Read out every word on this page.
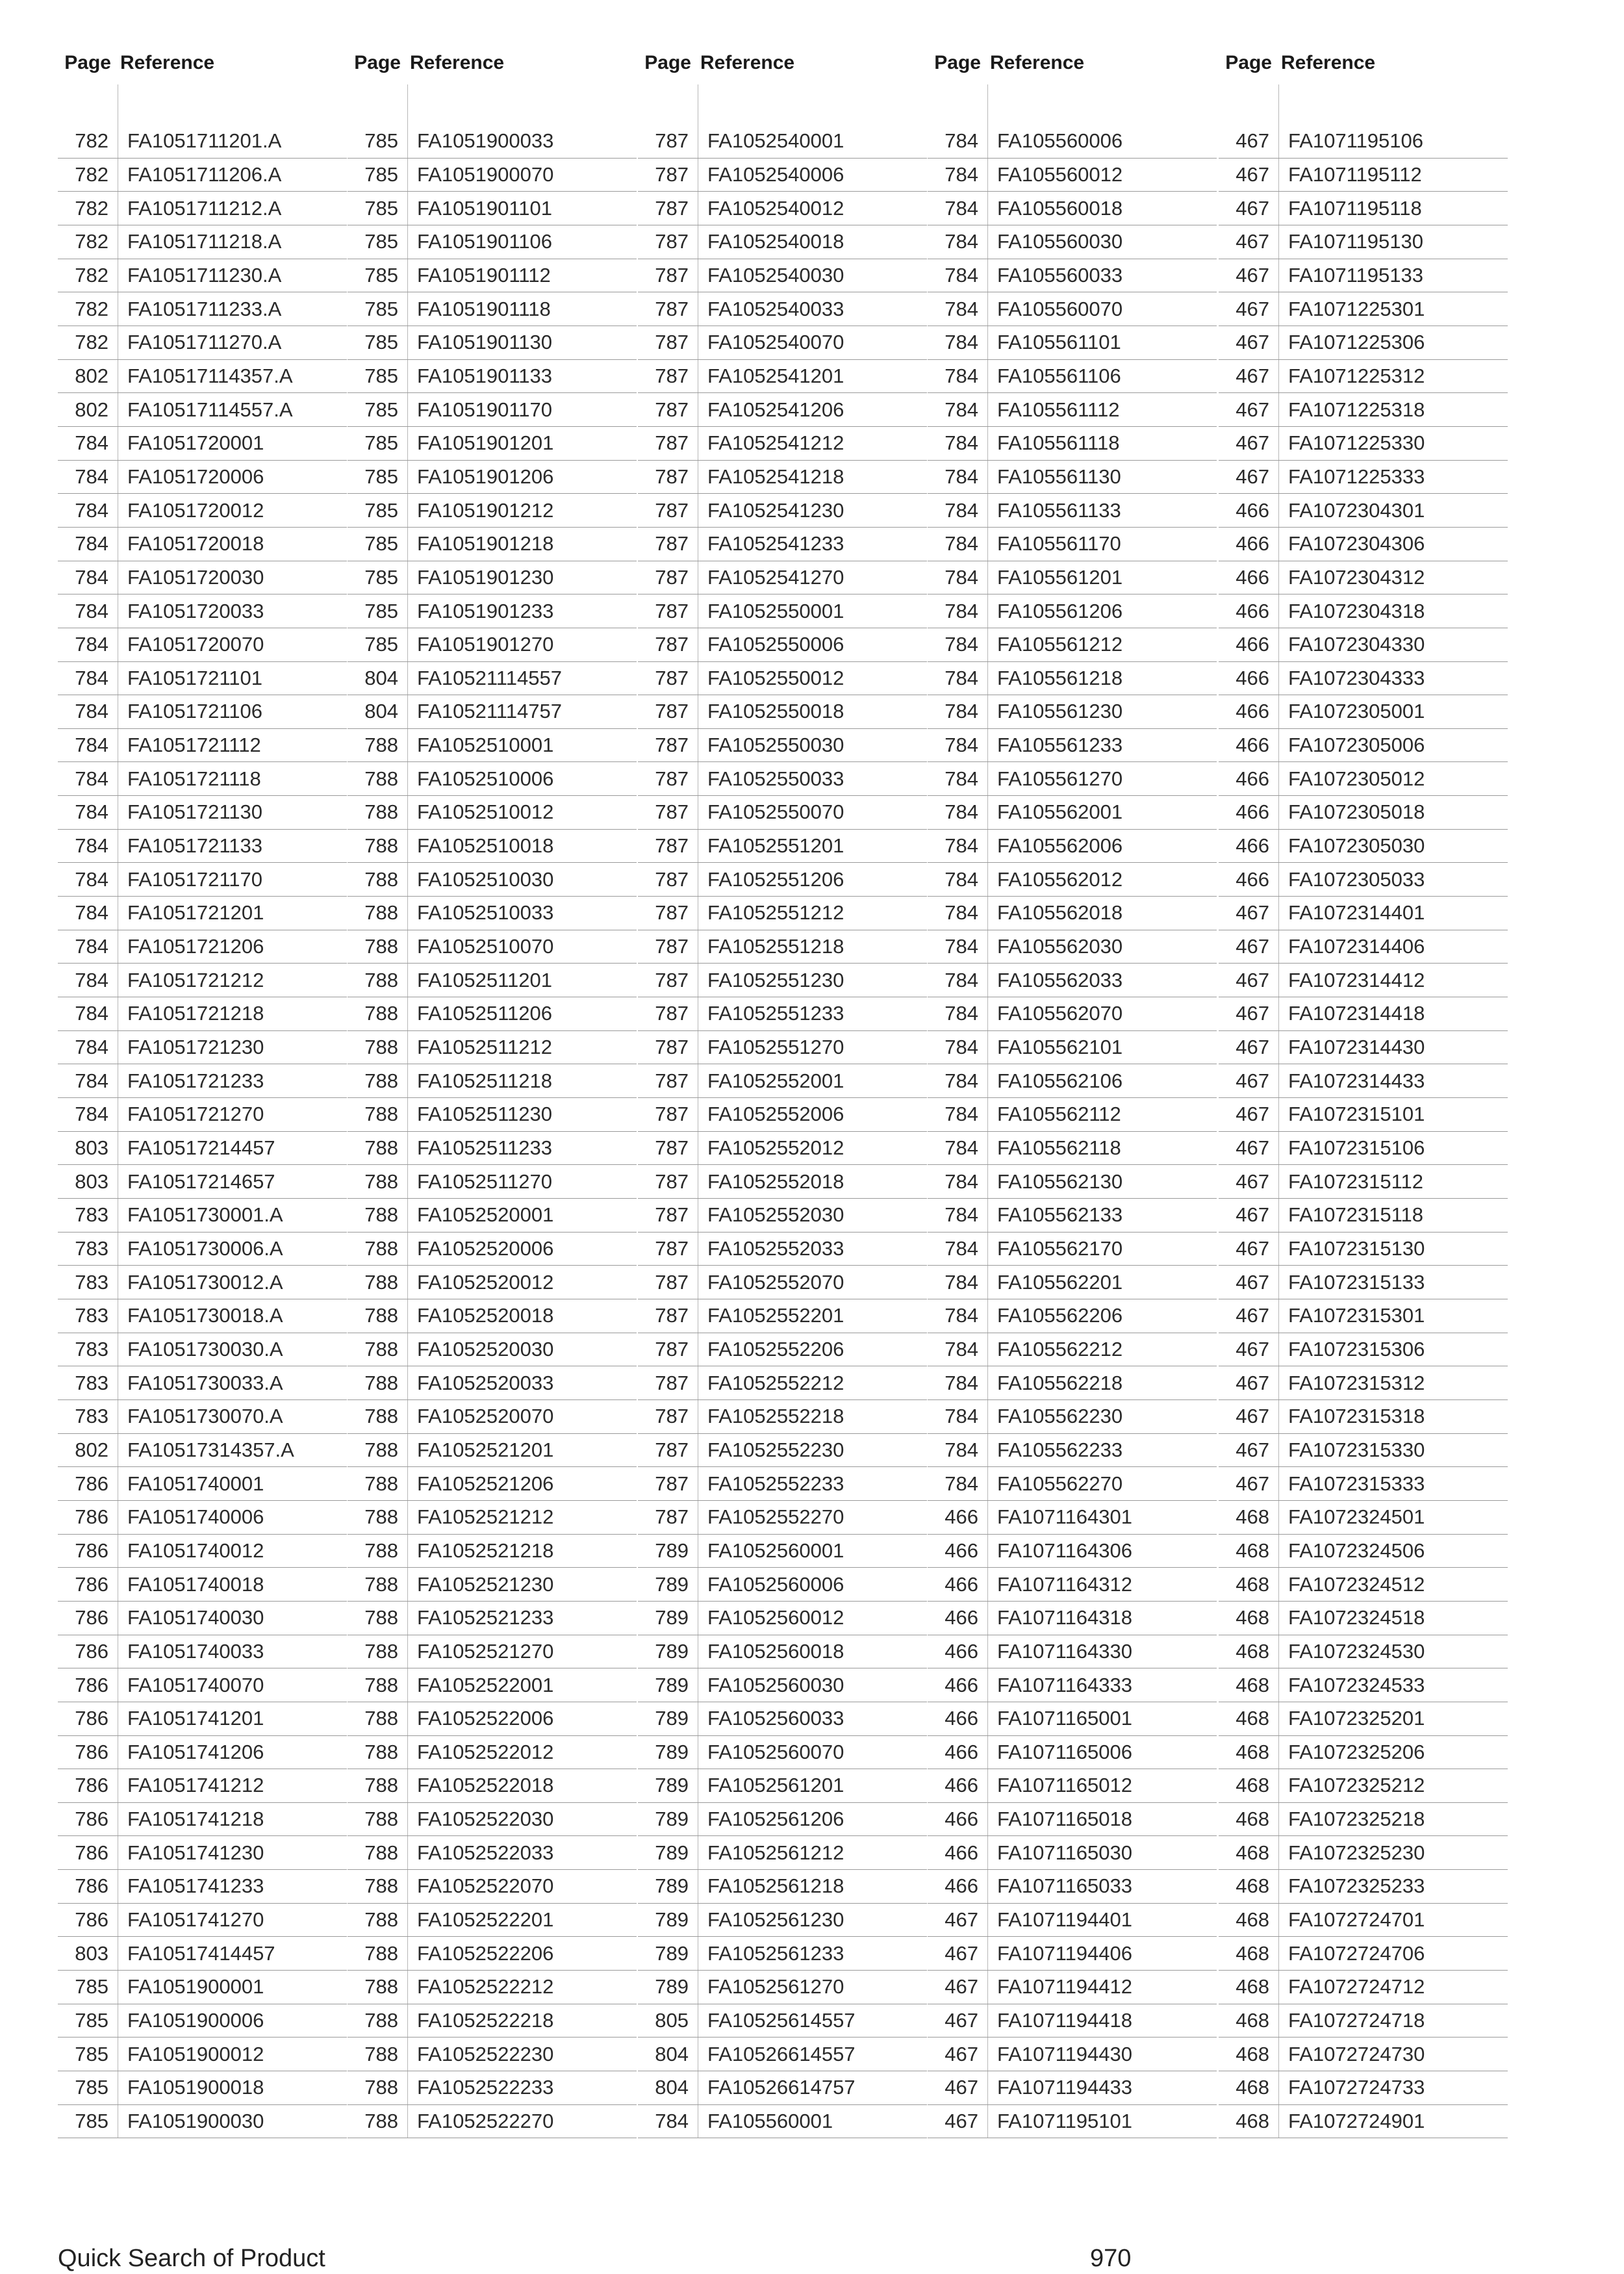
Page Reference
782 FA1051711201.A
782 FA1051711206.A
782 FA1051711212.A
782 FA1051711218.A
782 FA1051711230.A
782 FA1051711233.A
782 FA1051711270.A
802 FA10517114357.A
802 FA10517114557.A
784 FA1051720001
784 FA1051720006
784 FA1051720012
784 FA1051720018
784 FA1051720030
784 FA1051720033
784 FA1051720070
784 FA1051721101
784 FA1051721106
784 FA1051721112
784 FA1051721118
784 FA1051721130
784 FA1051721133
784 FA1051721170
784 FA1051721201
784 FA1051721206
784 FA1051721212
784 FA1051721218
784 FA1051721230
784 FA1051721233
784 FA1051721270
803 FA10517214457
803 FA10517214657
783 FA1051730001.A
783 FA1051730006.A
783 FA1051730012.A
783 FA1051730018.A
783 FA1051730030.A
783 FA1051730033.A
783 FA1051730070.A
802 FA10517314357.A
786 FA1051740001
786 FA1051740006
786 FA1051740012
786 FA1051740018
786 FA1051740030
786 FA1051740033
786 FA1051740070
786 FA1051741201
786 FA1051741206
786 FA1051741212
786 FA1051741218
786 FA1051741230
786 FA1051741233
786 FA1051741270
803 FA10517414457
785 FA1051900001
785 FA1051900006
785 FA1051900012
785 FA1051900018
785 FA1051900030
Page Reference
785 FA1051900033
785 FA1051900070
785 FA1051901101
785 FA1051901106
785 FA1051901112
785 FA1051901118
785 FA1051901130
785 FA1051901133
785 FA1051901170
785 FA1051901201
785 FA1051901206
785 FA1051901212
785 FA1051901218
785 FA1051901230
785 FA1051901233
785 FA1051901270
804 FA10521114557
804 FA10521114757
788 FA1052510001
788 FA1052510006
788 FA1052510012
788 FA1052510018
788 FA1052510030
788 FA1052510033
788 FA1052510070
788 FA1052511201
788 FA1052511206
788 FA1052511212
788 FA1052511218
788 FA1052511230
788 FA1052511233
788 FA1052511270
788 FA1052520001
788 FA1052520006
788 FA1052520012
788 FA1052520018
788 FA1052520030
788 FA1052520033
788 FA1052520070
788 FA1052521201
788 FA1052521206
788 FA1052521212
788 FA1052521218
788 FA1052521230
788 FA1052521233
788 FA1052521270
788 FA1052522001
788 FA1052522006
788 FA1052522012
788 FA1052522018
788 FA1052522030
788 FA1052522033
788 FA1052522070
788 FA1052522201
788 FA1052522206
788 FA1052522212
788 FA1052522218
788 FA1052522230
788 FA1052522233
788 FA1052522270
Page Reference
787 FA1052540001
787 FA1052540006
787 FA1052540012
787 FA1052540018
787 FA1052540030
787 FA1052540033
787 FA1052540070
787 FA1052541201
787 FA1052541206
787 FA1052541212
787 FA1052541218
787 FA1052541230
787 FA1052541233
787 FA1052541270
787 FA1052550001
787 FA1052550006
787 FA1052550012
787 FA1052550018
787 FA1052550030
787 FA1052550033
787 FA1052550070
787 FA1052551201
787 FA1052551206
787 FA1052551212
787 FA1052551218
787 FA1052551230
787 FA1052551233
787 FA1052551270
787 FA1052552001
787 FA1052552006
787 FA1052552012
787 FA1052552018
787 FA1052552030
787 FA1052552033
787 FA1052552070
787 FA1052552201
787 FA1052552206
787 FA1052552212
787 FA1052552218
787 FA1052552230
787 FA1052552233
787 FA1052552270
789 FA1052560001
789 FA1052560006
789 FA1052560012
789 FA1052560018
789 FA1052560030
789 FA1052560033
789 FA1052560070
789 FA1052561201
789 FA1052561206
789 FA1052561212
789 FA1052561218
789 FA1052561230
789 FA1052561233
789 FA1052561270
805 FA10525614557
804 FA10526614557
804 FA10526614757
784 FA105560001
Page Reference
784 FA105560006
784 FA105560012
784 FA105560018
784 FA105560030
784 FA105560033
784 FA105560070
784 FA105561101
784 FA105561106
784 FA105561112
784 FA105561118
784 FA105561130
784 FA105561133
784 FA105561170
784 FA105561201
784 FA105561206
784 FA105561212
784 FA105561218
784 FA105561230
784 FA105561233
784 FA105561270
784 FA105562001
784 FA105562006
784 FA105562012
784 FA105562018
784 FA105562030
784 FA105562033
784 FA105562070
784 FA105562101
784 FA105562106
784 FA105562112
784 FA105562118
784 FA105562130
784 FA105562133
784 FA105562170
784 FA105562201
784 FA105562206
784 FA105562212
784 FA105562218
784 FA105562230
784 FA105562233
784 FA105562270
466 FA1071164301
466 FA1071164306
466 FA1071164312
466 FA1071164318
466 FA1071164330
466 FA1071164333
466 FA1071165001
466 FA1071165006
466 FA1071165012
466 FA1071165018
466 FA1071165030
466 FA1071165033
467 FA1071194401
467 FA1071194406
467 FA1071194412
467 FA1071194418
467 FA1071194430
467 FA1071194433
467 FA1071195101
Page Reference
467 FA1071195106
467 FA1071195112
467 FA1071195118
467 FA1071195130
467 FA1071195133
467 FA1071225301
467 FA1071225306
467 FA1071225312
467 FA1071225318
467 FA1071225330
467 FA1071225333
466 FA1072304301
466 FA1072304306
466 FA1072304312
466 FA1072304318
466 FA1072304330
466 FA1072304333
466 FA1072305001
466 FA1072305006
466 FA1072305012
466 FA1072305018
466 FA1072305030
466 FA1072305033
467 FA1072314401
467 FA1072314406
467 FA1072314412
467 FA1072314418
467 FA1072314430
467 FA1072314433
467 FA1072315101
467 FA1072315106
467 FA1072315112
467 FA1072315118
467 FA1072315130
467 FA1072315133
467 FA1072315301
467 FA1072315306
467 FA1072315312
467 FA1072315318
467 FA1072315330
467 FA1072315333
468 FA1072324501
468 FA1072324506
468 FA1072324512
468 FA1072324518
468 FA1072324530
468 FA1072324533
468 FA1072325201
468 FA1072325206
468 FA1072325212
468 FA1072325218
468 FA1072325230
468 FA1072325233
468 FA1072724701
468 FA1072724706
468 FA1072724712
468 FA1072724718
468 FA1072724730
468 FA1072724733
468 FA1072724901
Quick Search of Product	970
